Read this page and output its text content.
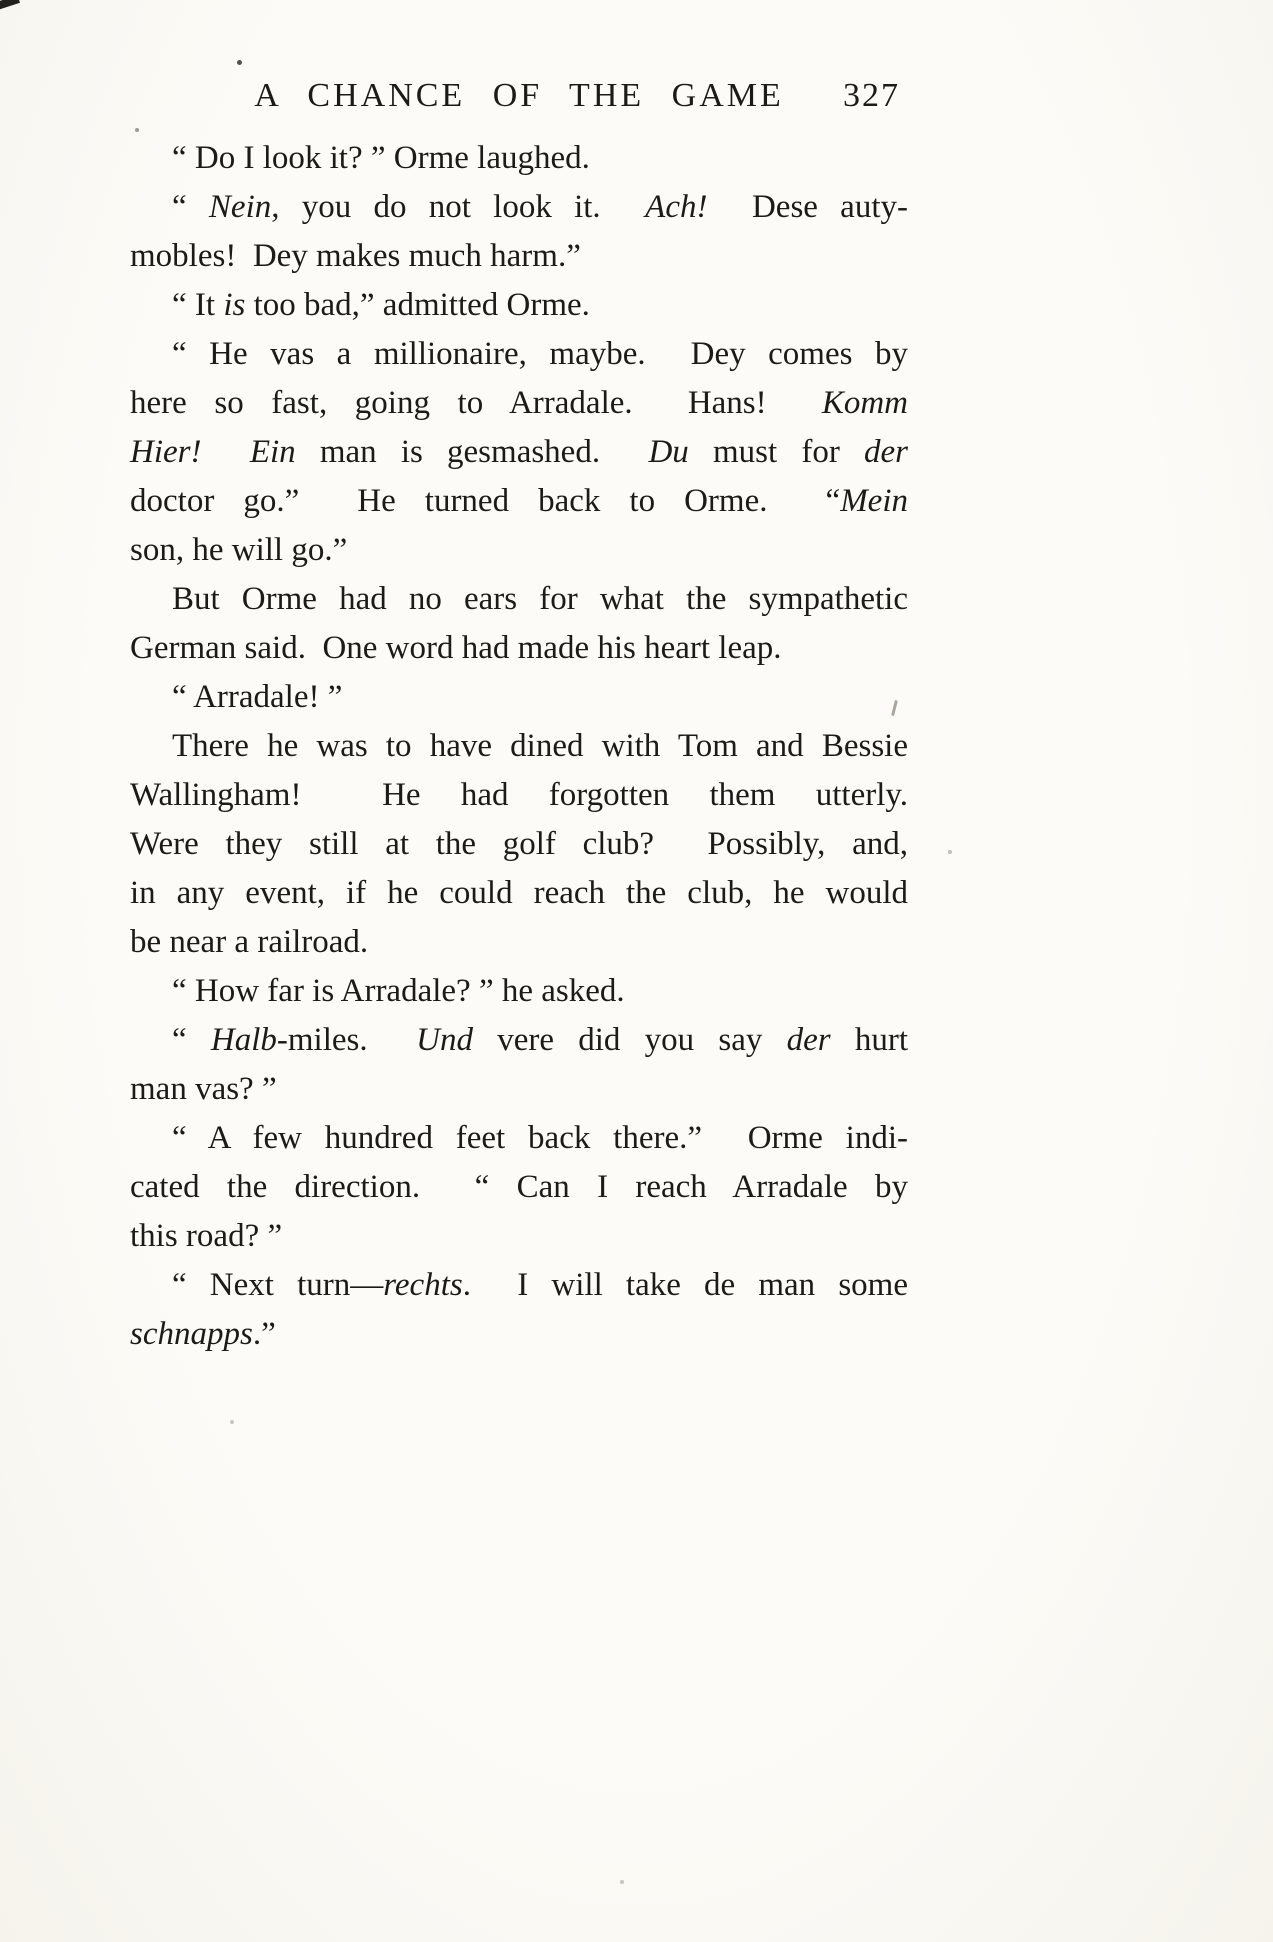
A CHANCE OF THE GAME	327
“ Do I look it? ” Orme laughed.
“ Nein, you do not look it.  Ach!  Dese auty-
mobles!  Dey makes much harm.”
“ It is too bad,” admitted Orme.
“ He vas a millionaire, maybe.  Dey comes by
here so fast, going to Arradale.  Hans!  Komm
Hier! Ein man is gesmashed.  Du must for der
doctor go.”  He turned back to Orme.  “Mein
son, he will go.”
But Orme had no ears for what the sympathetic
German said.  One word had made his heart leap.
“ Arradale! ”
There he was to have dined with Tom and Bessie
Wallingham!  He had forgotten them utterly.
Were they still at the golf club?  Possibly, and,
in any event, if he could reach the club, he would
be near a railroad.
“ How far is Arradale? ” he asked.
“ Halb-miles.  Und vere did you say der hurt
man vas? ”
“ A few hundred feet back there.”  Orme indi-
cated the direction.  “ Can I reach Arradale by
this road? ”
“ Next turn—rechts.  I will take de man some
schnapps.”
